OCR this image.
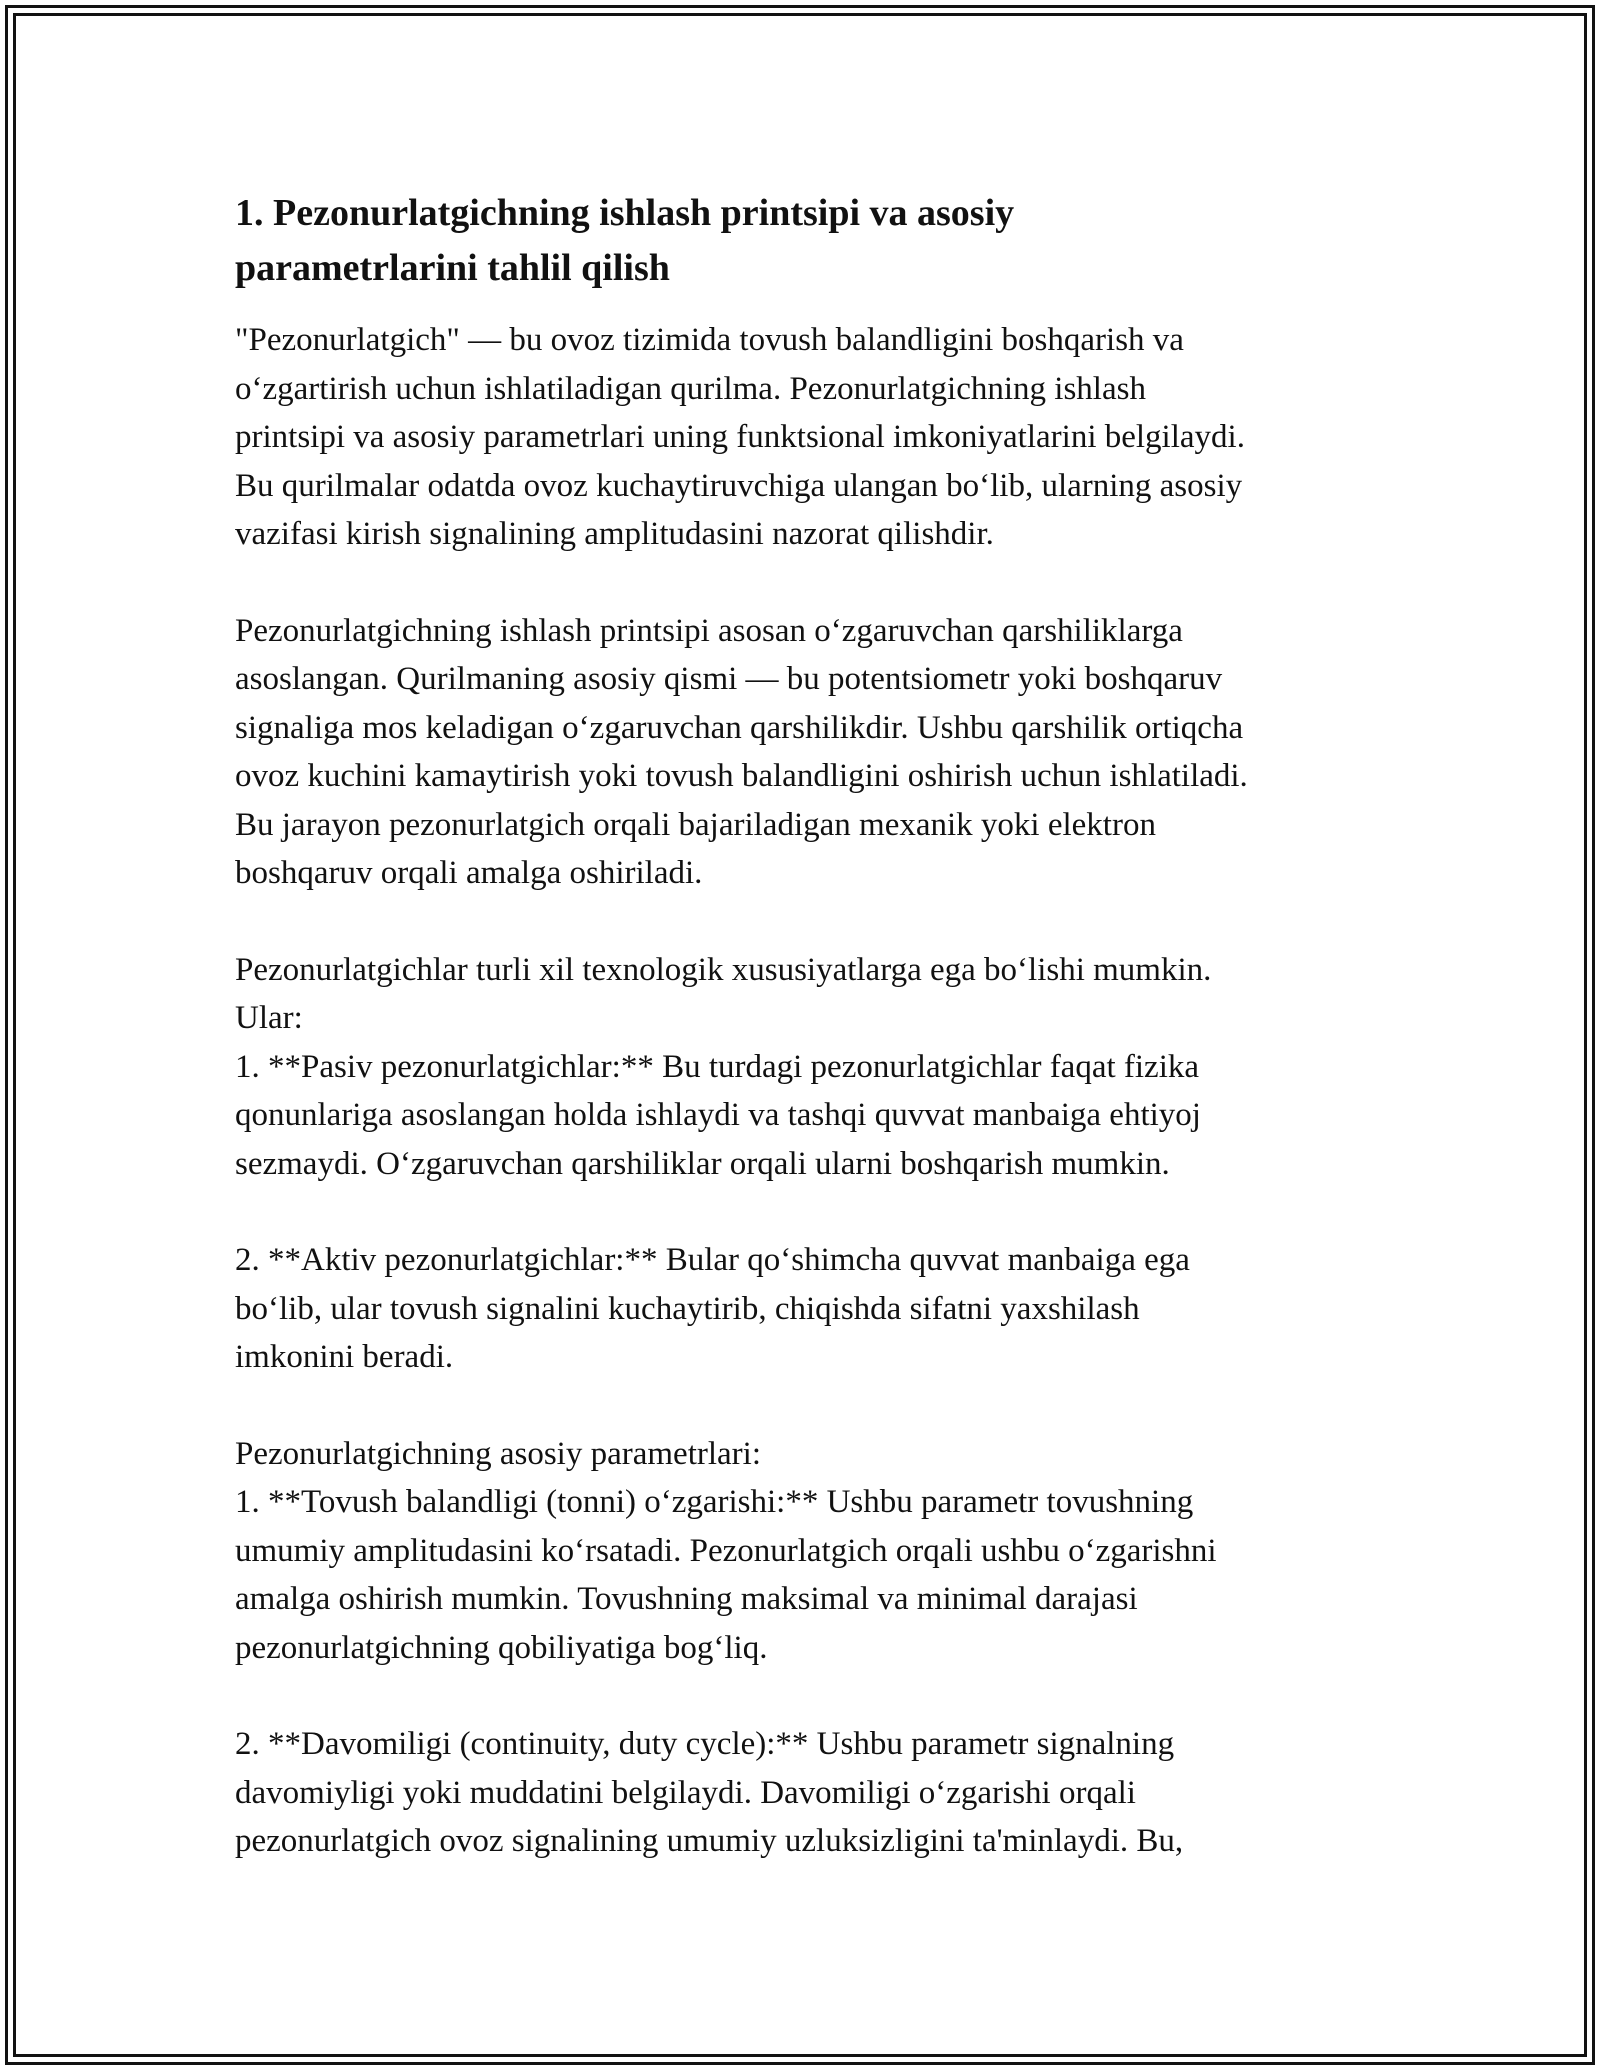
1. Pezonurlatgichning ishlash printsipi va asosiy
parametrlarini tahlil qilish

"Pezonurlatgich" — bu ovoz tizimida tovush balandligini boshqarish va
oʻzgartirish uchun ishlatiladigan qurilma. Pezonurlatgichning ishlash
printsipi va asosiy parametrlari uning funktsional imkoniyatlarini belgilaydi.
Bu qurilmalar odatda ovoz kuchaytiruvchiga ulangan boʻlib, ularning asosiy
vazifasi kirish signalining amplitudasini nazorat qilishdir.

Pezonurlatgichning ishlash printsipi asosan oʻzgaruvchan qarshiliklarga
asoslangan. Qurilmaning asosiy qismi — bu potentsiometr yoki boshqaruv
signaliga mos keladigan oʻzgaruvchan qarshilikdir. Ushbu qarshilik ortiqcha
ovoz kuchini kamaytirish yoki tovush balandligini oshirish uchun ishlatiladi.
Bu jarayon pezonurlatgich orqali bajariladigan mexanik yoki elektron
boshqaruv orqali amalga oshiriladi.

Pezonurlatgichlar turli xil texnologik xususiyatlarga ega boʻlishi mumkin.
Ular:
1. **Pasiv pezonurlatgichlar:** Bu turdagi pezonurlatgichlar faqat fizika
qonunlariga asoslangan holda ishlaydi va tashqi quvvat manbaiga ehtiyoj
sezmaydi. Oʻzgaruvchan qarshiliklar orqali ularni boshqarish mumkin.

2. **Aktiv pezonurlatgichlar:** Bular qoʻshimcha quvvat manbaiga ega
boʻlib, ular tovush signalini kuchaytirib, chiqishda sifatni yaxshilash
imkonini beradi.

Pezonurlatgichning asosiy parametrlari:
1. **Tovush balandligi (tonni) oʻzgarishi:** Ushbu parametr tovushning
umumiy amplitudasini koʻrsatadi. Pezonurlatgich orqali ushbu oʻzgarishni
amalga oshirish mumkin. Tovushning maksimal va minimal darajasi
pezonurlatgichning qobiliyatiga bogʻliq.

2. **Davomiligi (continuity, duty cycle):** Ushbu parametr signalning
davomiyligi yoki muddatini belgilaydi. Davomiligi oʻzgarishi orqali
pezonurlatgich ovoz signalining umumiy uzluksizligini ta'minlaydi. Bu,
